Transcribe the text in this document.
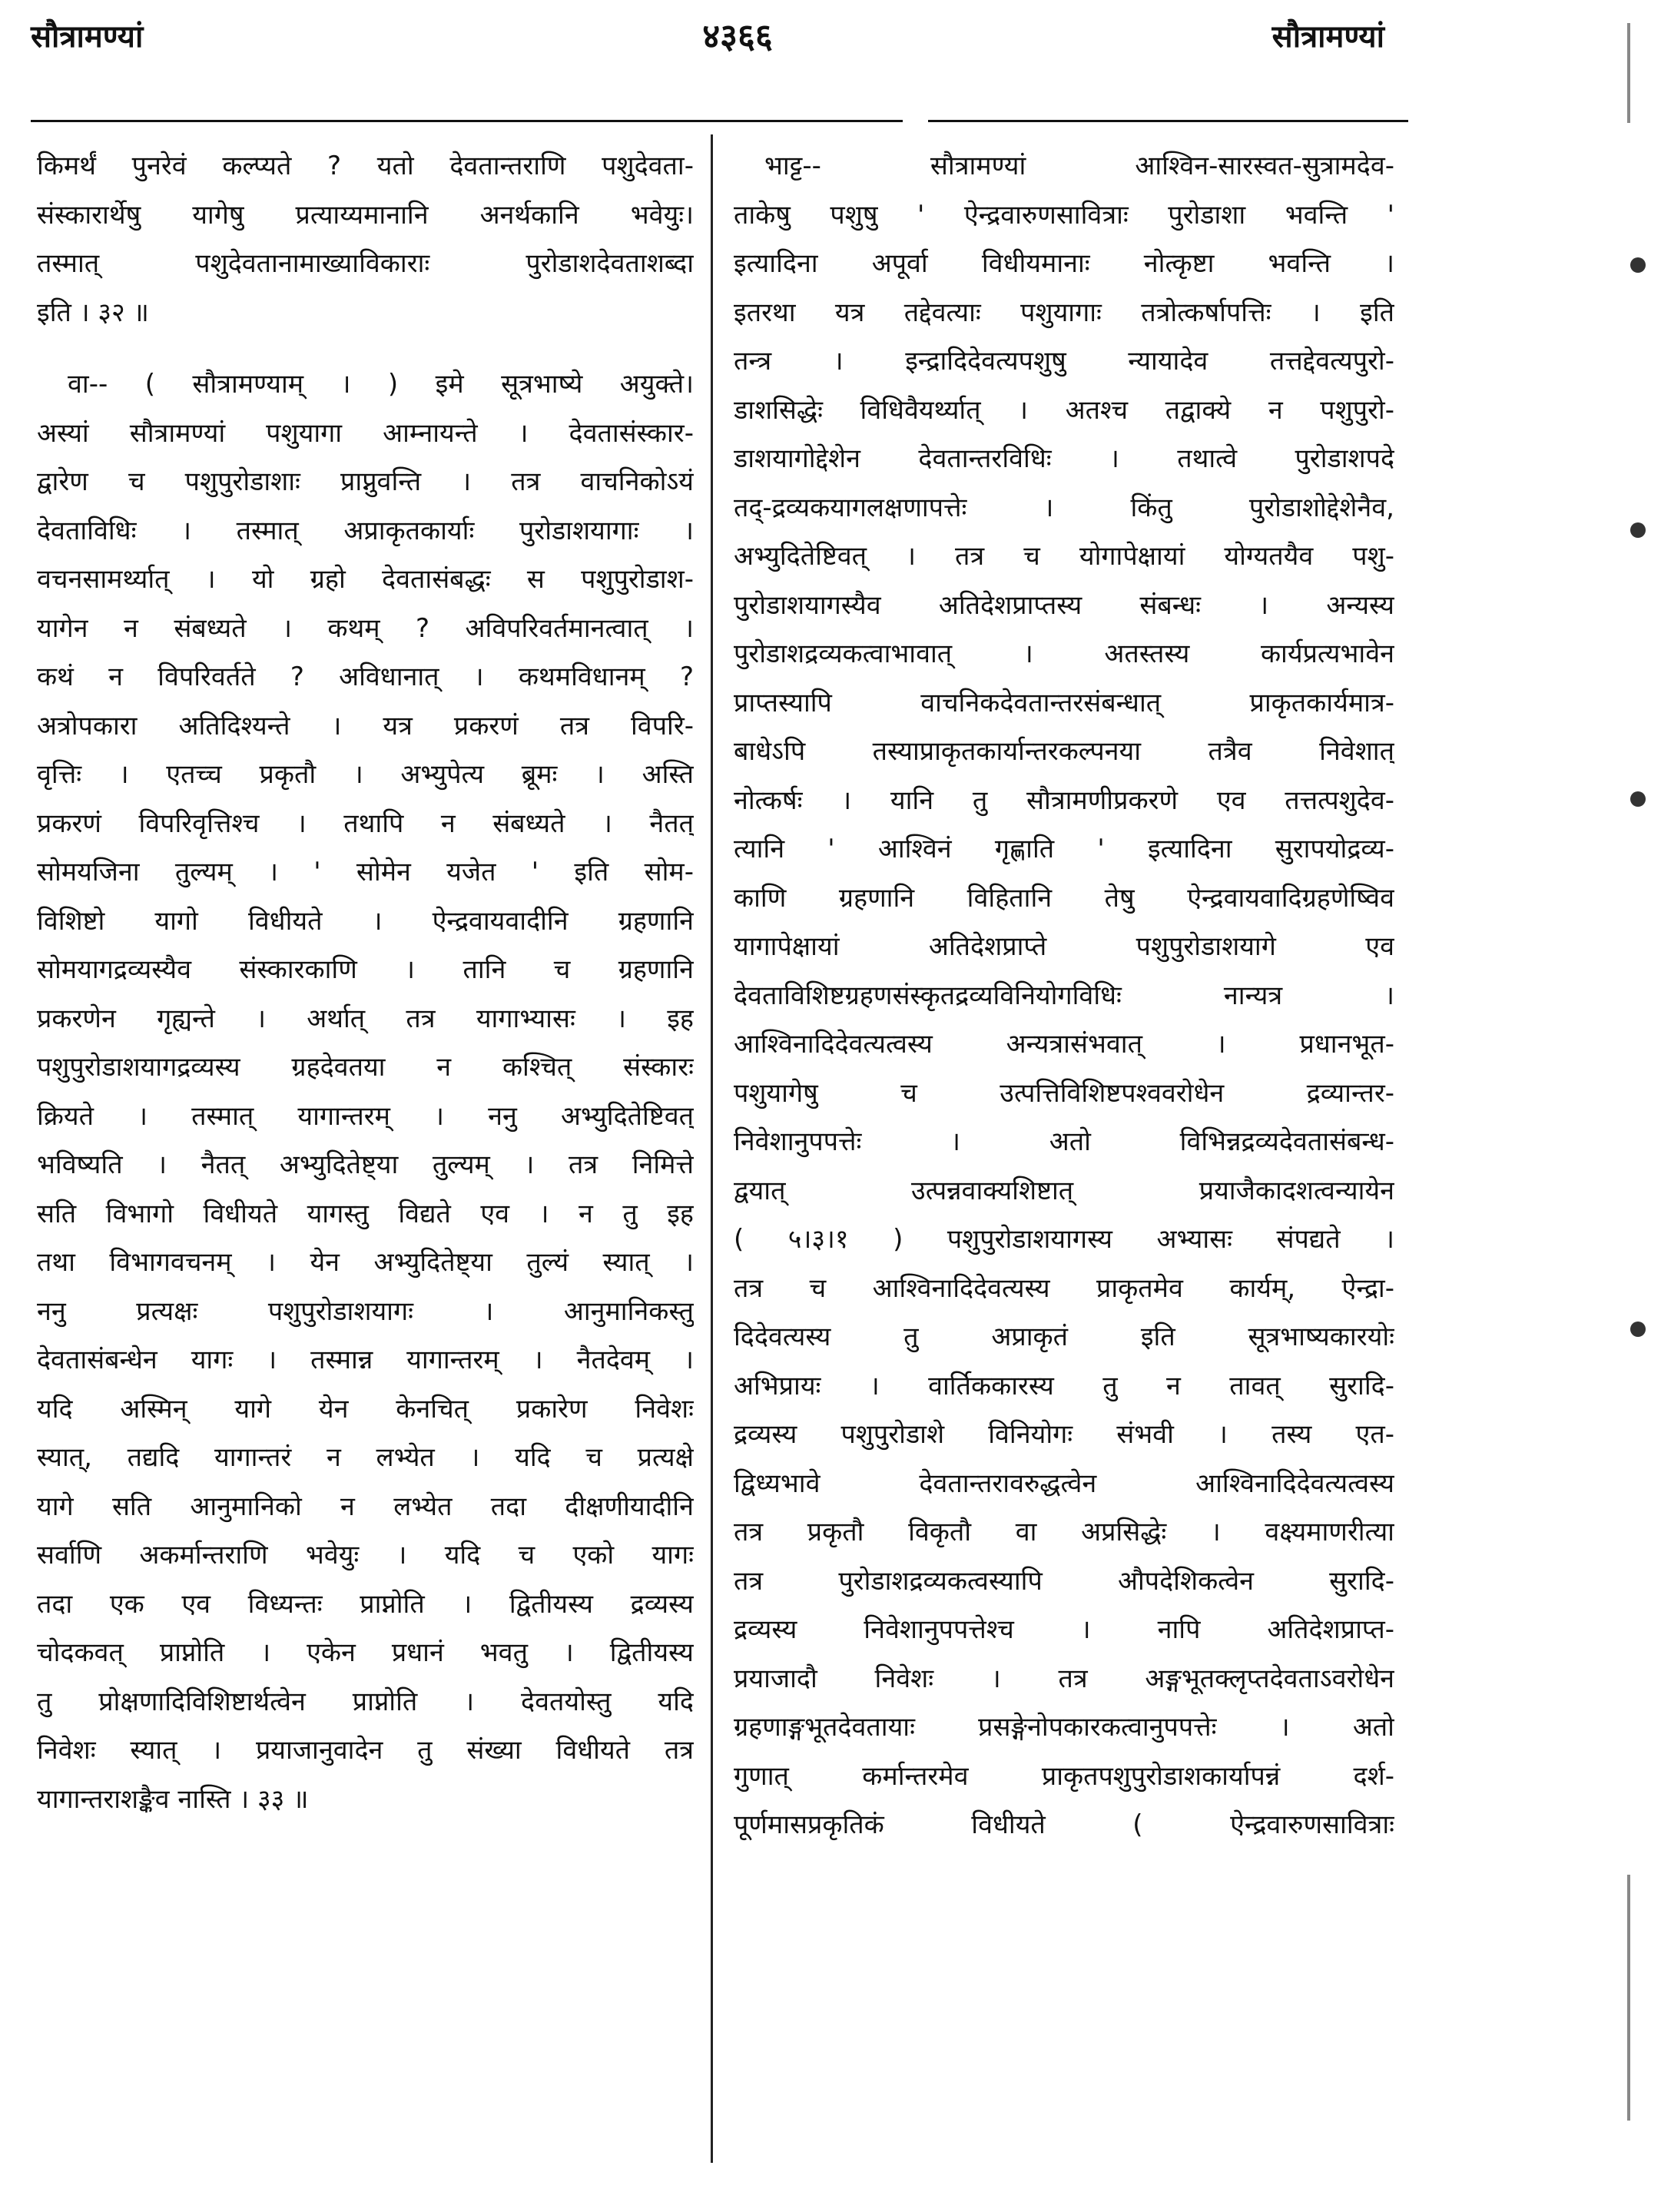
सौत्रामण्यां	४३६६	सौत्रामण्यां
किमर्थं पुनरेवं कल्प्यते ? यतो देवतान्तराणि पशुदेवता-
संस्कारार्थेषु यागेषु प्रत्याय्यमानानि अनर्थकानि भवेयुः।
तस्मात् पशुदेवतानामाख्याविकाराः पुरोडाशदेवताशब्दा
इति । ३२ ॥
वा-- ( सौत्रामण्याम् । ) इमे सूत्रभाष्ये अयुक्ते।
अस्यां सौत्रामण्यां पशुयागा आम्नायन्ते । देवतासंस्कार-
द्वारेण च पशुपुरोडाशाः प्राप्नुवन्ति । तत्र वाचनिकोऽयं
देवताविधिः । तस्मात् अप्राकृतकार्याः पुरोडाशयागाः ।
वचनसामर्थ्यात् । यो ग्रहो देवतासंबद्धः स पशुपुरोडाश-
यागेन न संबध्यते । कथम् ? अविपरिवर्तमानत्वात् ।
कथं न विपरिवर्तते ? अविधानात् । कथमविधानम् ?
अत्रोपकारा अतिदिश्यन्ते । यत्र प्रकरणं तत्र विपरि-
वृत्तिः । एतच्च प्रकृतौ । अभ्युपेत्य ब्रूमः । अस्ति
प्रकरणं विपरिवृत्तिश्च । तथापि न संबध्यते । नैतत्
सोमयजिना तुल्यम् । ' सोमेन यजेत ' इति सोम-
विशिष्टो यागो विधीयते । ऐन्द्रवायवादीनि ग्रहणानि
सोमयागद्रव्यस्यैव संस्कारकाणि । तानि च ग्रहणानि
प्रकरणेन गृह्यन्ते । अर्थात् तत्र यागाभ्यासः । इह
पशुपुरोडाशयागद्रव्यस्य ग्रहदेवतया न कश्चित् संस्कारः
क्रियते । तस्मात् यागान्तरम् । ननु अभ्युदितेष्टिवत्
भविष्यति । नैतत् अभ्युदितेष्ट्या तुल्यम् । तत्र निमित्ते
सति विभागो विधीयते यागस्तु विद्यते एव । न तु इह
तथा विभागवचनम् । येन अभ्युदितेष्ट्या तुल्यं स्यात् ।
ननु प्रत्यक्षः पशुपुरोडाशयागः । आनुमानिकस्तु
देवतासंबन्धेन यागः । तस्मान्न यागान्तरम् । नैतदेवम् ।
यदि अस्मिन् यागे येन केनचित् प्रकारेण निवेशः
स्यात्, तद्यदि यागान्तरं न लभ्येत । यदि च प्रत्यक्षे
यागे सति आनुमानिको न लभ्येत तदा दीक्षणीयादीनि
सर्वाणि अकर्मान्तराणि भवेयुः । यदि च एको यागः
तदा एक एव विध्यन्तः प्राप्नोति । द्वितीयस्य द्रव्यस्य
चोदकवत् प्राप्नोति । एकेन प्रधानं भवतु । द्वितीयस्य
तु प्रोक्षणादिविशिष्टार्थत्वेन प्राप्नोति । देवतयोस्तु यदि
निवेशः स्यात् । प्रयाजानुवादेन तु संख्या विधीयते तत्र
यागान्तराशङ्कैव नास्ति । ३३ ॥
भाट्ट-- सौत्रामण्यां आश्विन-सारस्वत-सुत्रामदेव-
ताकेषु पशुषु ' ऐन्द्रवारुणसावित्राः पुरोडाशा भवन्ति '
इत्यादिना अपूर्वा विधीयमानाः नोत्कृष्टा भवन्ति ।
इतरथा यत्र तद्देवत्याः पशुयागाः तत्रोत्कर्षापत्तिः । इति
तन्त्र । इन्द्रादिदेवत्यपशुषु न्यायादेव तत्तद्देवत्यपुरो-
डाशसिद्धेः विधिवैयर्थ्यात् । अतश्च तद्वाक्ये न पशुपुरो-
डाशयागोद्देशेन देवतान्तरविधिः । तथात्वे पुरोडाशपदे
तद्-द्रव्यकयागलक्षणापत्तेः । किंतु पुरोडाशोद्देशेनैव,
अभ्युदितेष्टिवत् । तत्र च योगापेक्षायां योग्यतयैव पशु-
पुरोडाशयागस्यैव अतिदेशप्राप्तस्य संबन्धः । अन्यस्य
पुरोडाशद्रव्यकत्वाभावात् । अतस्तस्य कार्यप्रत्यभावेन
प्राप्तस्यापि वाचनिकदेवतान्तरसंबन्धात् प्राकृतकार्यमात्र-
बाधेऽपि तस्याप्राकृतकार्यान्तरकल्पनया तत्रैव निवेशात्
नोत्कर्षः । यानि तु सौत्रामणीप्रकरणे एव तत्तत्पशुदेव-
त्यानि ' आश्विनं गृह्णाति ' इत्यादिना सुरापयोद्रव्य-
काणि ग्रहणानि विहितानि तेषु ऐन्द्रवायवादिग्रहणेष्विव
यागापेक्षायां अतिदेशप्राप्ते पशुपुरोडाशयागे एव
देवताविशिष्टग्रहणसंस्कृतद्रव्यविनियोगविधिः नान्यत्र ।
आश्विनादिदेवत्यत्वस्य अन्यत्रासंभवात् । प्रधानभूत-
पशुयागेषु च उत्पत्तिविशिष्टपश्ववरोधेन द्रव्यान्तर-
निवेशानुपपत्तेः । अतो विभिन्नद्रव्यदेवतासंबन्ध-
द्वयात् उत्पन्नवाक्यशिष्टात् प्रयाजैकादशत्वन्यायेन
( ५।३।१ ) पशुपुरोडाशयागस्य अभ्यासः संपद्यते ।
तत्र च आश्विनादिदेवत्यस्य प्राकृतमेव कार्यम्, ऐन्द्रा-
दिदेवत्यस्य तु अप्राकृतं इति सूत्रभाष्यकारयोः
अभिप्रायः । वार्तिककारस्य तु न तावत् सुरादि-
द्रव्यस्य पशुपुरोडाशे विनियोगः संभवी । तस्य एत-
द्विध्यभावे देवतान्तरावरुद्धत्वेन आश्विनादिदेवत्यत्वस्य
तत्र प्रकृतौ विकृतौ वा अप्रसिद्धेः । वक्ष्यमाणरीत्या
तत्र पुरोडाशद्रव्यकत्वस्यापि औपदेशिकत्वेन सुरादि-
द्रव्यस्य निवेशानुपपत्तेश्च । नापि अतिदेशप्राप्त-
प्रयाजादौ निवेशः । तत्र अङ्गभूतक्लृप्तदेवताऽवरोधेन
ग्रहणाङ्गभूतदेवतायाः प्रसङ्गेनोपकारकत्वानुपपत्तेः । अतो
गुणात् कर्मान्तरमेव प्राकृतपशुपुरोडाशकार्यापन्नं दर्श-
पूर्णमासप्रकृतिकं विधीयते ( ऐन्द्रवारुणसावित्राः
